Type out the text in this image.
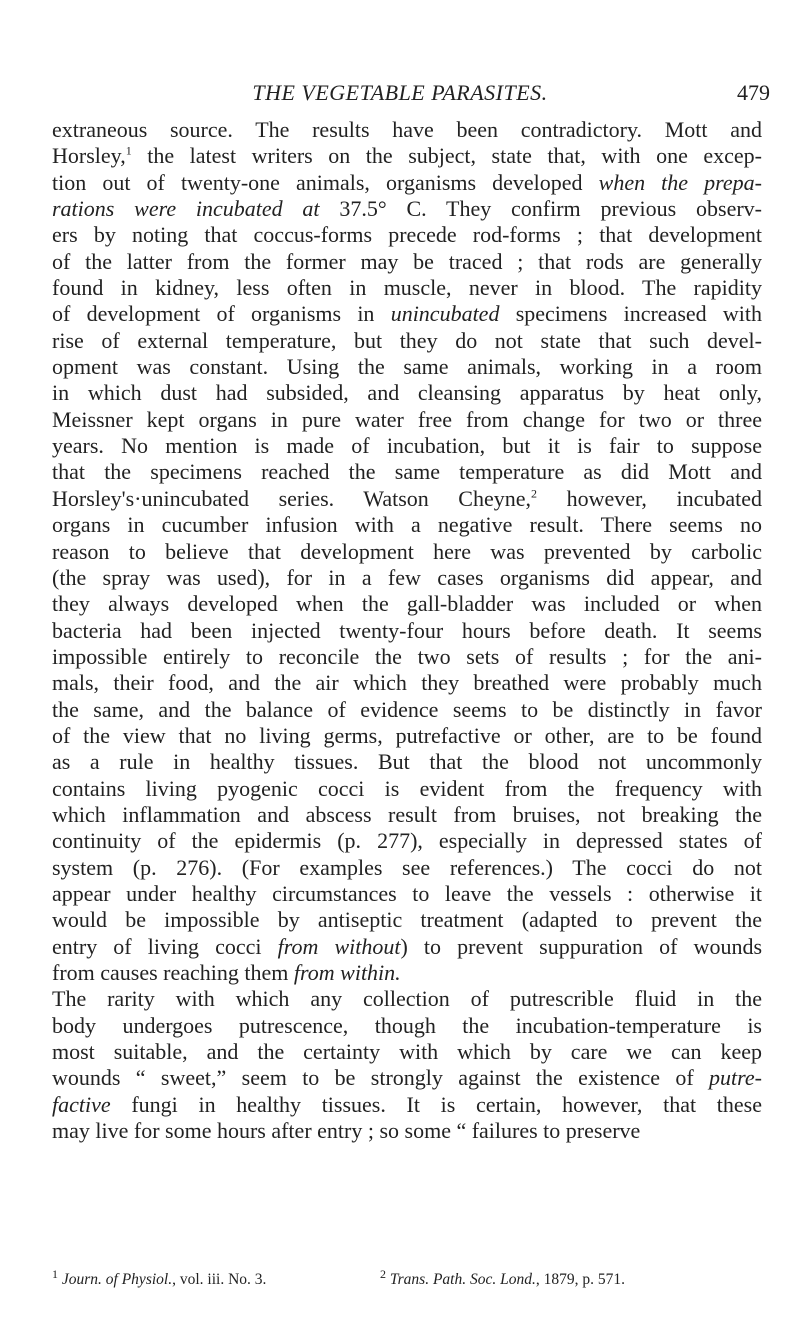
THE VEGETABLE PARASITES.	479
extraneous source. The results have been contradictory. Mott and
Horsley,$^1$ the latest writers on the subject, state that, with one excep-
tion out of twenty-one animals, organisms developed when the prepa-
rations were incubated at 37.5° C. They confirm previous observ-
ers by noting that coccus-forms precede rod-forms ; that development
of the latter from the former may be traced ; that rods are generally
found in kidney, less often in muscle, never in blood. The rapidity
of development of organisms in unincubated specimens increased with
rise of external temperature, but they do not state that such devel-
opment was constant. Using the same animals, working in a room
in which dust had subsided, and cleansing apparatus by heat only,
Meissner kept organs in pure water free from change for two or three
years. No mention is made of incubation, but it is fair to suppose
that the specimens reached the same temperature as did Mott and
Horsley's·unincubated series. Watson Cheyne,$^2$ however, incubated
organs in cucumber infusion with a negative result. There seems no
reason to believe that development here was prevented by carbolic
(the spray was used), for in a few cases organisms did appear, and
they always developed when the gall-bladder was included or when
bacteria had been injected twenty-four hours before death. It seems
impossible entirely to reconcile the two sets of results ; for the ani-
mals, their food, and the air which they breathed were probably much
the same, and the balance of evidence seems to be distinctly in favor
of the view that no living germs, putrefactive or other, are to be found
as a rule in healthy tissues. But that the blood not uncommonly
contains living pyogenic cocci is evident from the frequency with
which inflammation and abscess result from bruises, not breaking the
continuity of the epidermis (p. 277), especially in depressed states of
system (p. 276). (For examples see references.) The cocci do not
appear under healthy circumstances to leave the vessels : otherwise it
would be impossible by antiseptic treatment (adapted to prevent the
entry of living cocci from without) to prevent suppuration of wounds
from causes reaching them from within.
The rarity with which any collection of putrescrible fluid in the
body undergoes putrescence, though the incubation-temperature is
most suitable, and the certainty with which by care we can keep
wounds “ sweet,” seem to be strongly against the existence of putre-
factive fungi in healthy tissues. It is certain, however, that these
may live for some hours after entry ; so some “ failures to preserve
$^1$ Journ. of Physiol., vol. iii. No. 3.	$^2$ Trans. Path. Soc. Lond., 1879, p. 571.
